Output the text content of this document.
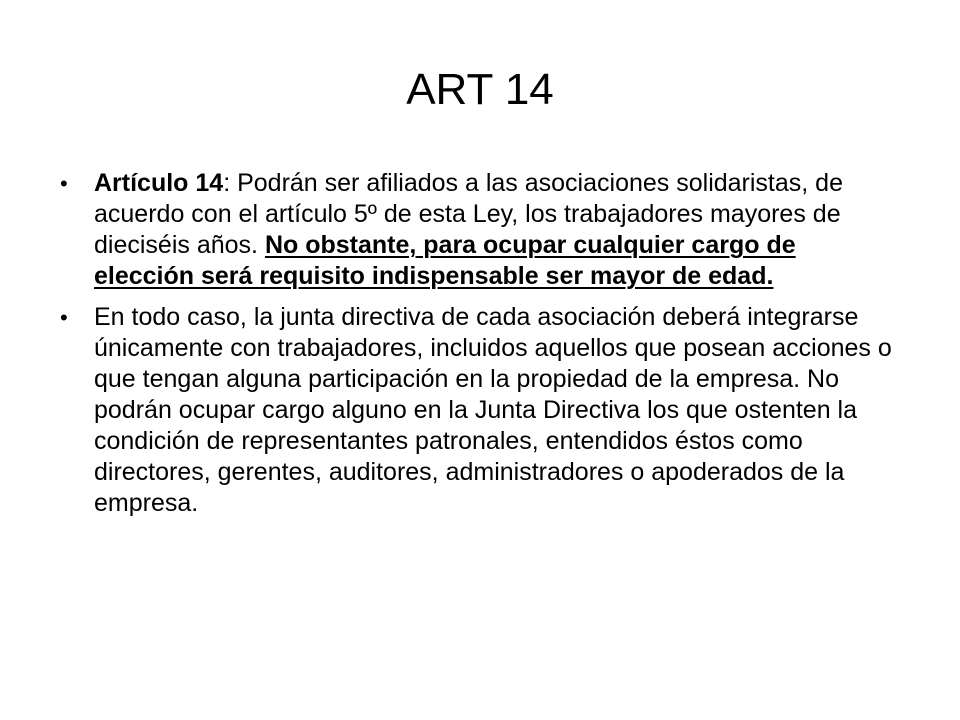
ART 14
• Artículo 14: Podrán ser afiliados a las asociaciones solidaristas, de acuerdo con el artículo 5º de esta Ley, los trabajadores mayores de dieciséis años. No obstante, para ocupar cualquier cargo de elección será requisito indispensable ser mayor de edad.
• En todo caso, la junta directiva de cada asociación deberá integrarse únicamente con trabajadores, incluidos aquellos que posean acciones o que tengan alguna participación en la propiedad de la empresa. No podrán ocupar cargo alguno en la Junta Directiva los que ostenten la condición de representantes patronales, entendidos éstos como directores, gerentes, auditores, administradores o apoderados de la empresa.
